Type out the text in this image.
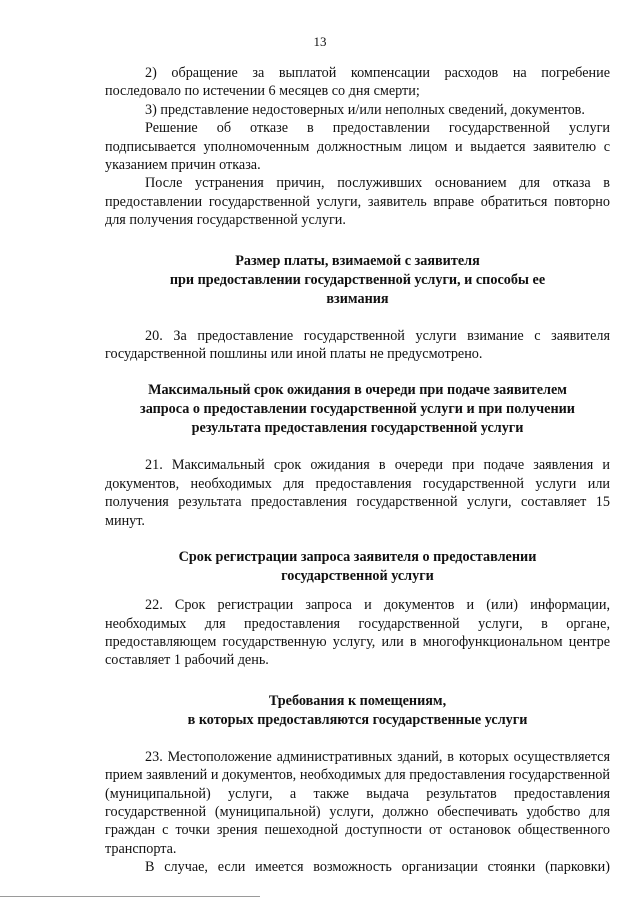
13

2) обращение за выплатой компенсации расходов на погребение последовало по истечении 6 месяцев со дня смерти;

3) представление недостоверных и/или неполных сведений, документов.

Решение об отказе в предоставлении государственной услуги подписывается уполномоченным должностным лицом и выдается заявителю с указанием причин отказа.

После устранения причин, послуживших основанием для отказа в предоставлении государственной услуги, заявитель вправе обратиться повторно для получения государственной услуги.

Размер платы, взимаемой с заявителя
при предоставлении государственной услуги, и способы ее
взимания

20. За предоставление государственной услуги взимание с заявителя государственной пошлины или иной платы не предусмотрено.

Максимальный срок ожидания в очереди при подаче заявителем
запроса о предоставлении государственной услуги и при получении
результата предоставления государственной услуги

21. Максимальный срок ожидания в очереди при подаче заявления и документов, необходимых для предоставления государственной услуги или получения результата предоставления государственной услуги, составляет 15 минут.

Срок регистрации запроса заявителя о предоставлении
государственной услуги

22. Срок регистрации запроса и документов и (или) информации, необходимых для предоставления государственной услуги, в органе, предоставляющем государственную услугу, или в многофункциональном центре составляет 1 рабочий день.

Требования к помещениям,
в которых предоставляются государственные услуги

23. Местоположение административных зданий, в которых осуществляется прием заявлений и документов, необходимых для предоставления государственной (муниципальной) услуги, а также выдача результатов предоставления государственной (муниципальной) услуги, должно обеспечивать удобство для граждан с точки зрения пешеходной доступности от остановок общественного транспорта.

В случае, если имеется возможность организации стоянки (парковки)
